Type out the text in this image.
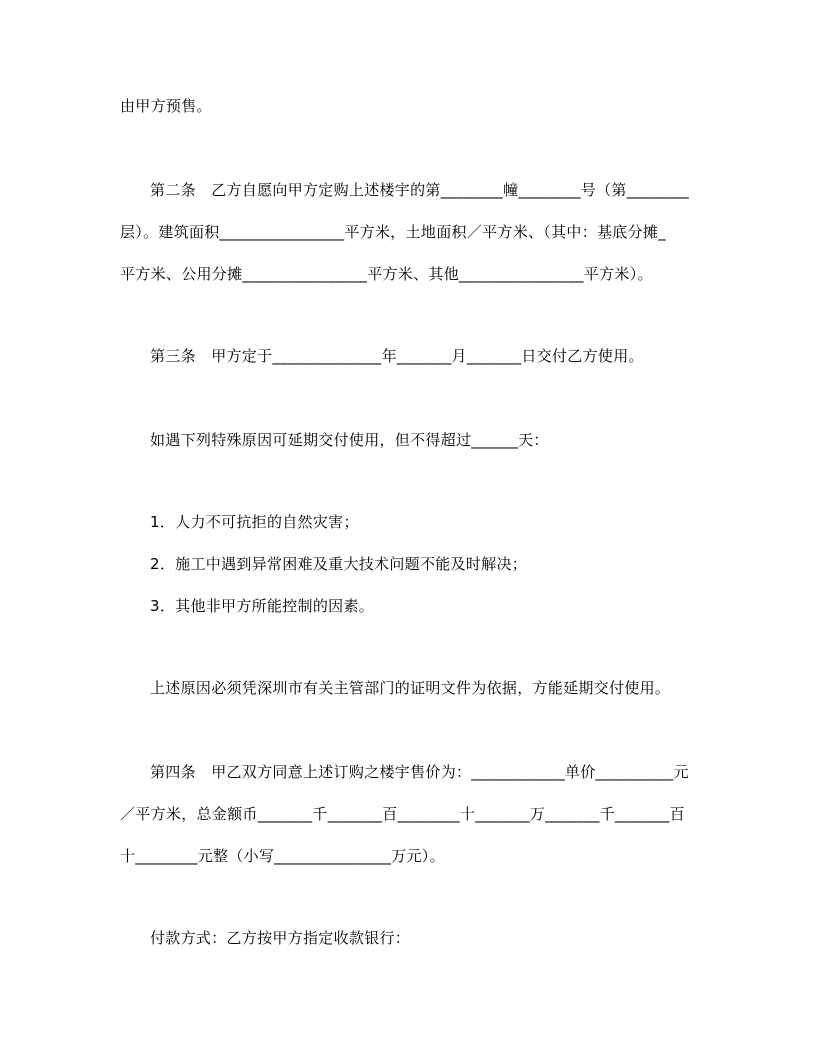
由甲方预售。
第二条　乙方自愿向甲方定购上述楼宇的第________幢________号（第________
层）。建筑面积________________平方米，土地面积／平方米、（其中：基底分摊_
平方米、公用分摊________________平方米、其他________________平方米）。
第三条　甲方定于______________年_______月_______日交付乙方使用。
如遇下列特殊原因可延期交付使用，但不得超过______天：
1．人力不可抗拒的自然灾害；
2．施工中遇到异常困难及重大技术问题不能及时解决；
3．其他非甲方所能控制的因素。
上述原因必须凭深圳市有关主管部门的证明文件为依据，方能延期交付使用。
第四条　甲乙双方同意上述订购之楼宇售价为：____________单价__________元
／平方米，总金额币_______千_______百________十_______万_______千_______百
十________元整（小写_______________万元）。
付款方式：乙方按甲方指定收款银行：
